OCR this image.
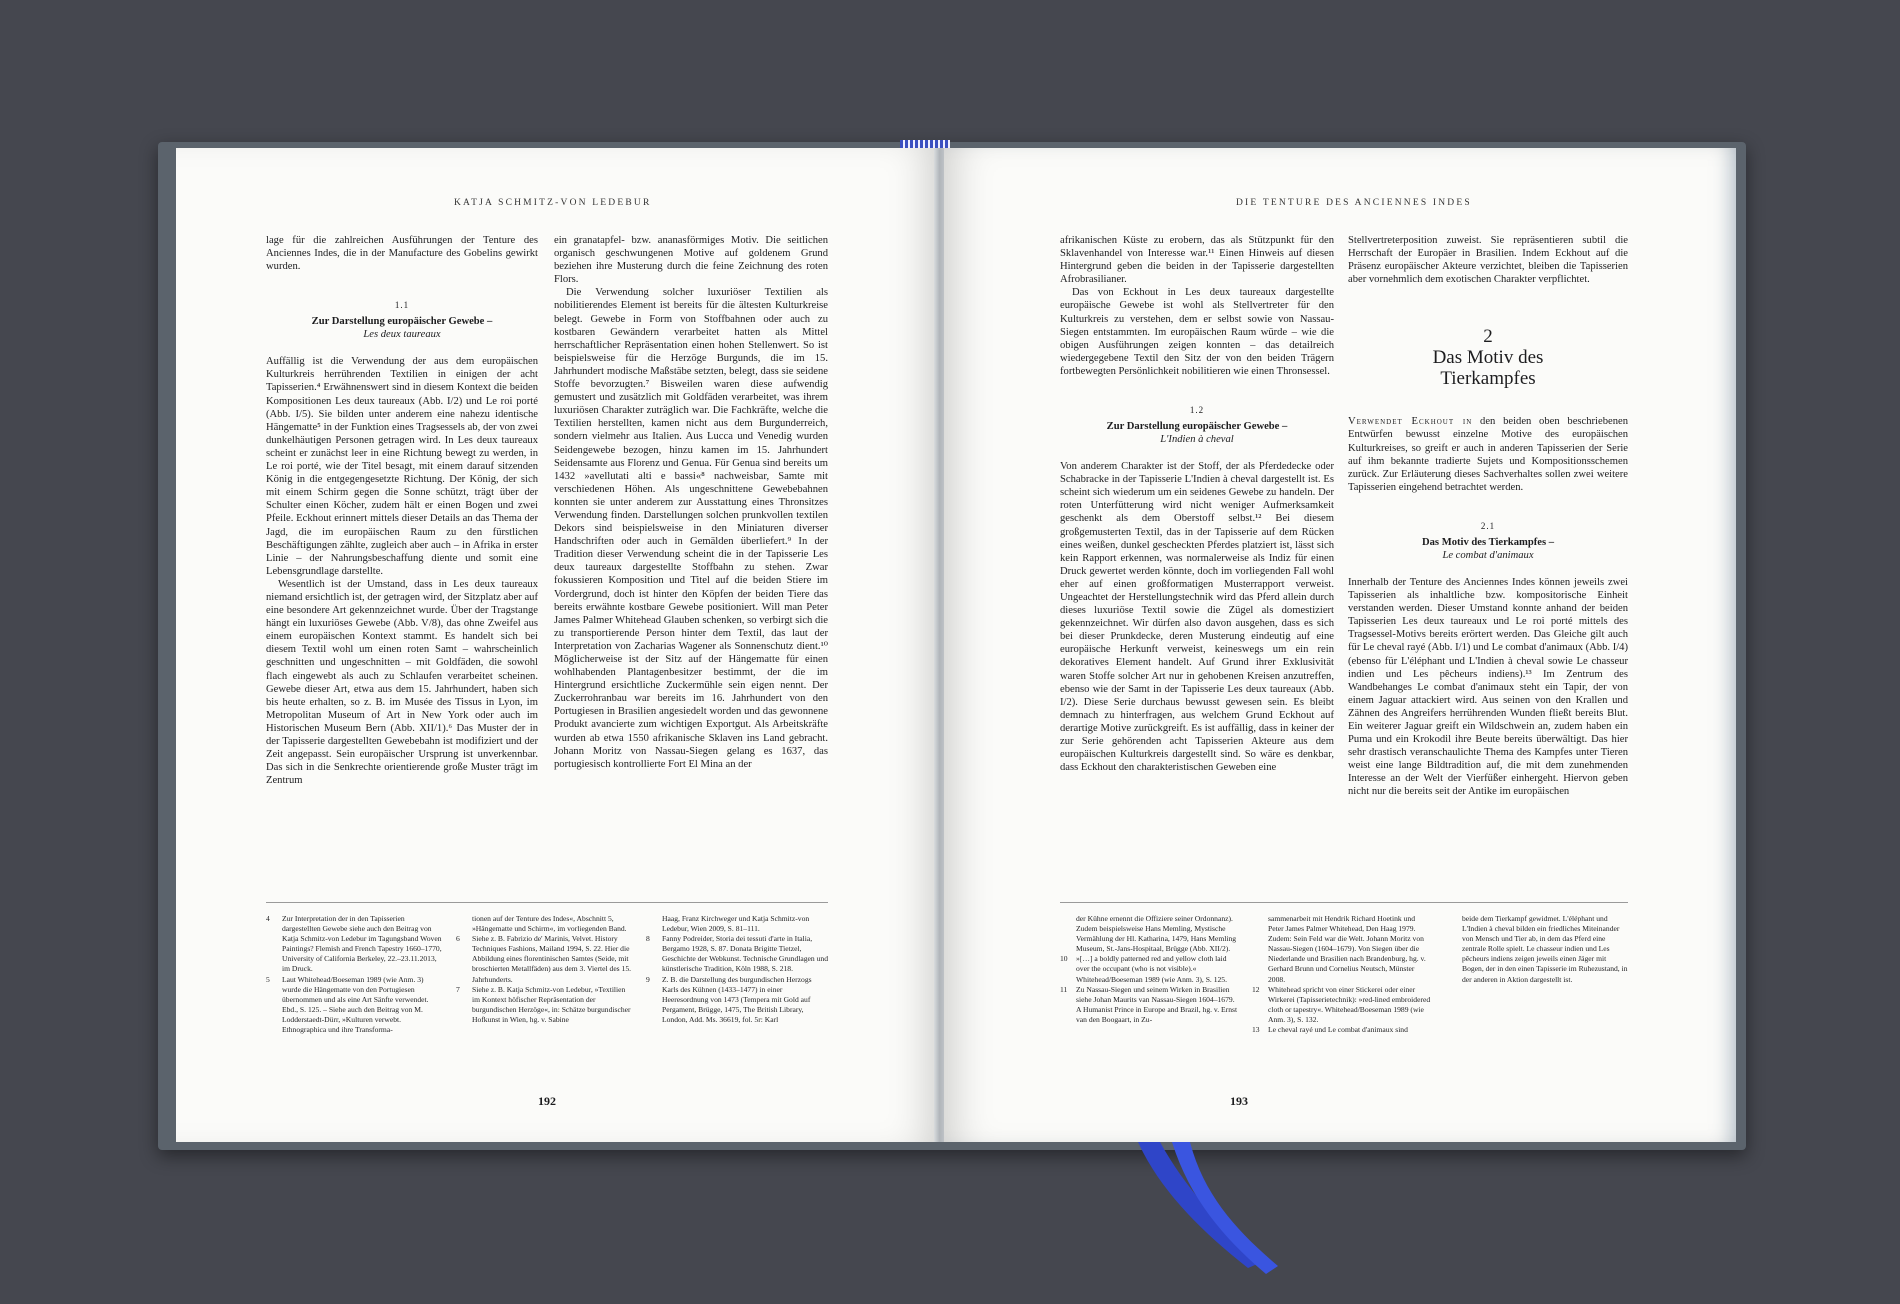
KATJA SCHMITZ-VON LEDEBUR

lage für die zahlreichen Ausführungen der Tenture des Anciennes Indes, die in der Manufacture des Gobelins gewirkt wurden.

1.1
Zur Darstellung europäischer Gewebe –
Les deux taureaux

Auffällig ist die Verwendung der aus dem europäischen Kulturkreis herrührenden Textilien in einigen der acht Tapisserien.⁴ Erwähnenswert sind in diesem Kontext die beiden Kompositionen Les deux taureaux (Abb. I/2) und Le roi porté (Abb. I/5). Sie bilden unter anderem eine nahezu identische Hängematte⁵ in der Funktion eines Tragsessels ab, der von zwei dunkelhäutigen Personen getragen wird. In Les deux taureaux scheint er zunächst leer in eine Richtung bewegt zu werden, in Le roi porté, wie der Titel besagt, mit einem darauf sitzenden König in die entgegengesetzte Richtung. Der König, der sich mit einem Schirm gegen die Sonne schützt, trägt über der Schulter einen Köcher, zudem hält er einen Bogen und zwei Pfeile. Eckhout erinnert mittels dieser Details an das Thema der Jagd, die im europäischen Raum zu den fürstlichen Beschäftigungen zählte, zugleich aber auch – in Afrika in erster Linie – der Nahrungsbeschaffung diente und somit eine Lebensgrundlage darstellte.

Wesentlich ist der Umstand, dass in Les deux taureaux niemand ersichtlich ist, der getragen wird, der Sitzplatz aber auf eine besondere Art gekennzeichnet wurde. Über der Tragstange hängt ein luxuriöses Gewebe (Abb. V/8), das ohne Zweifel aus einem europäischen Kontext stammt. Es handelt sich bei diesem Textil wohl um einen roten Samt – wahrscheinlich geschnitten und ungeschnitten – mit Goldfäden, die sowohl flach eingewebt als auch zu Schlaufen verarbeitet scheinen. Gewebe dieser Art, etwa aus dem 15. Jahrhundert, haben sich bis heute erhalten, so z. B. im Musée des Tissus in Lyon, im Metropolitan Museum of Art in New York oder auch im Historischen Museum Bern (Abb. XII/1).⁶ Das Muster der in der Tapisserie dargestellten Gewebebahn ist modifiziert und der Zeit angepasst. Sein europäischer Ursprung ist unverkennbar. Das sich in die Senkrechte orientierende große Muster trägt im Zentrum

ein granatapfel- bzw. ananasförmiges Motiv. Die seitlichen organisch geschwungenen Motive auf goldenem Grund beziehen ihre Musterung durch die feine Zeichnung des roten Flors.

Die Verwendung solcher luxuriöser Textilien als nobilitierendes Element ist bereits für die ältesten Kulturkreise belegt. Gewebe in Form von Stoffbahnen oder auch zu kostbaren Gewändern verarbeitet hatten als Mittel herrschaftlicher Repräsentation einen hohen Stellenwert. So ist beispielsweise für die Herzöge Burgunds, die im 15. Jahrhundert modische Maßstäbe setzten, belegt, dass sie seidene Stoffe bevorzugten.⁷ Bisweilen waren diese aufwendig gemustert und zusätzlich mit Goldfäden verarbeitet, was ihrem luxuriösen Charakter zuträglich war. Die Fachkräfte, welche die Textilien herstellten, kamen nicht aus dem Burgunderreich, sondern vielmehr aus Italien. Aus Lucca und Venedig wurden Seidengewebe bezogen, hinzu kamen im 15. Jahrhundert Seidensamte aus Florenz und Genua. Für Genua sind bereits um 1432 »avellutati alti e bassi«⁸ nachweisbar, Samte mit verschiedenen Höhen. Als ungeschnittene Gewebebahnen konnten sie unter anderem zur Ausstattung eines Thronsitzes Verwendung finden. Darstellungen solchen prunkvollen textilen Dekors sind beispielsweise in den Miniaturen diverser Handschriften oder auch in Gemälden überliefert.⁹ In der Tradition dieser Verwendung scheint die in der Tapisserie Les deux taureaux dargestellte Stoffbahn zu stehen. Zwar fokussieren Komposition und Titel auf die beiden Stiere im Vordergrund, doch ist hinter den Köpfen der beiden Tiere das bereits erwähnte kostbare Gewebe positioniert. Will man Peter James Palmer Whitehead Glauben schenken, so verbirgt sich die zu transportierende Person hinter dem Textil, das laut der Interpretation von Zacharias Wagener als Sonnenschutz dient.¹⁰ Möglicherweise ist der Sitz auf der Hängematte für einen wohlhabenden Plantagenbesitzer bestimmt, der die im Hintergrund ersichtliche Zuckermühle sein eigen nennt. Der Zuckerrohranbau war bereits im 16. Jahrhundert von den Portugiesen in Brasilien angesiedelt worden und das gewonnene Produkt avancierte zum wichtigen Exportgut. Als Arbeitskräfte wurden ab etwa 1550 afrikanische Sklaven ins Land gebracht. Johann Moritz von Nassau-Siegen gelang es 1637, das portugiesisch kontrollierte Fort El Mina an der

4	Zur Interpretation der in den Tapisserien dargestellten Gewebe siehe auch den Beitrag von Katja Schmitz-von Ledebur im Tagungsband Woven Paintings? Flemish and French Tapestry 1660–1770, University of California Berkeley, 22.–23.11.2013, im Druck.
5	Laut Whitehead/Boeseman 1989 (wie Anm. 3) wurde die Hängematte von den Portugiesen übernommen und als eine Art Sänfte verwendet. Ebd., S. 125. – Siehe auch den Beitrag von M. Lodderstaedt-Dürr, »Kulturen verwebt. Ethnographica und ihre Transforma-
tionen auf der Tenture des Indes«, Abschnitt 5, »Hängematte und Schirm«, im vorliegenden Band.
6	Siehe z. B. Fabrizio de' Marinis, Velvet. History Techniques Fashions, Mailand 1994, S. 22. Hier die Abbildung eines florentinischen Samtes (Seide, mit broschierten Metallfäden) aus dem 3. Viertel des 15. Jahrhunderts.
7	Siehe z. B. Katja Schmitz-von Ledebur, »Textilien im Kontext höfischer Repräsentation der burgundischen Herzöge«, in: Schätze burgundischer Hofkunst in Wien, hg. v. Sabine
Haag, Franz Kirchweger und Katja Schmitz-von Ledebur, Wien 2009, S. 81–111.
8	Fanny Podreider, Storia dei tessuti d'arte in Italia, Bergamo 1928, S. 87. Donata Brigitte Tietzel, Geschichte der Webkunst. Technische Grundlagen und künstlerische Tradition, Köln 1988, S. 218.
9	Z. B. die Darstellung des burgundischen Herzogs Karls des Kühnen (1433–1477) in einer Heeresordnung von 1473 (Tempera mit Gold auf Pergament, Brügge, 1475, The British Library, London, Add. Ms. 36619, fol. 5r: Karl
192
DIE TENTURE DES ANCIENNES INDES

afrikanischen Küste zu erobern, das als Stützpunkt für den Sklavenhandel von Interesse war.¹¹ Einen Hinweis auf diesen Hintergrund geben die beiden in der Tapisserie dargestellten Afrobrasilianer.

Das von Eckhout in Les deux taureaux dargestellte europäische Gewebe ist wohl als Stellvertreter für den Kulturkreis zu verstehen, dem er selbst sowie von Nassau-Siegen entstammten. Im europäischen Raum würde – wie die obigen Ausführungen zeigen konnten – das detailreich wiedergegebene Textil den Sitz der von den beiden Trägern fortbewegten Persönlichkeit nobilitieren wie einen Thronsessel.

1.2
Zur Darstellung europäischer Gewebe –
L'Indien à cheval

Von anderem Charakter ist der Stoff, der als Pferdedecke oder Schabracke in der Tapisserie L'Indien à cheval dargestellt ist. Es scheint sich wiederum um ein seidenes Gewebe zu handeln. Der roten Unterfütterung wird nicht weniger Aufmerksamkeit geschenkt als dem Oberstoff selbst.¹² Bei diesem großgemusterten Textil, das in der Tapisserie auf dem Rücken eines weißen, dunkel gescheckten Pferdes platziert ist, lässt sich kein Rapport erkennen, was normalerweise als Indiz für einen Druck gewertet werden könnte, doch im vorliegenden Fall wohl eher auf einen großformatigen Musterrapport verweist. Ungeachtet der Herstellungstechnik wird das Pferd allein durch dieses luxuriöse Textil sowie die Zügel als domestiziert gekennzeichnet. Wir dürfen also davon ausgehen, dass es sich bei dieser Prunkdecke, deren Musterung eindeutig auf eine europäische Herkunft verweist, keineswegs um ein rein dekoratives Element handelt. Auf Grund ihrer Exklusivität waren Stoffe solcher Art nur in gehobenen Kreisen anzutreffen, ebenso wie der Samt in der Tapisserie Les deux taureaux (Abb. I/2). Diese Serie durchaus bewusst gewesen sein. Es bleibt demnach zu hinterfragen, aus welchem Grund Eckhout auf derartige Motive zurückgreift. Es ist auffällig, dass in keiner der zur Serie gehörenden acht Tapisserien Akteure aus dem europäischen Kulturkreis dargestellt sind. So wäre es denkbar, dass Eckhout den charakteristischen Geweben eine

Stellvertreterposition zuweist. Sie repräsentieren subtil die Herrschaft der Europäer in Brasilien. Indem Eckhout auf die Präsenz europäischer Akteure verzichtet, bleiben die Tapisserien aber vornehmlich dem exotischen Charakter verpflichtet.

2
Das Motiv des
Tierkampfes

Verwendet Eckhout in den beiden oben beschriebenen Entwürfen bewusst einzelne Motive des europäischen Kulturkreises, so greift er auch in anderen Tapisserien der Serie auf ihm bekannte tradierte Sujets und Kompositionsschemen zurück. Zur Erläuterung dieses Sachverhaltes sollen zwei weitere Tapisserien eingehend betrachtet werden.

2.1
Das Motiv des Tierkampfes –
Le combat d'animaux

Innerhalb der Tenture des Anciennes Indes können jeweils zwei Tapisserien als inhaltliche bzw. kompositorische Einheit verstanden werden. Dieser Umstand konnte anhand der beiden Tapisserien Les deux taureaux und Le roi porté mittels des Tragsessel-Motivs bereits erörtert werden. Das Gleiche gilt auch für Le cheval rayé (Abb. I/1) und Le combat d'animaux (Abb. I/4) (ebenso für L'éléphant und L'Indien à cheval sowie Le chasseur indien und Les pêcheurs indiens).¹³ Im Zentrum des Wandbehanges Le combat d'animaux steht ein Tapir, der von einem Jaguar attackiert wird. Aus seinen von den Krallen und Zähnen des Angreifers herrührenden Wunden fließt bereits Blut. Ein weiterer Jaguar greift ein Wildschwein an, zudem haben ein Puma und ein Krokodil ihre Beute bereits überwältigt. Das hier sehr drastisch veranschaulichte Thema des Kampfes unter Tieren weist eine lange Bildtradition auf, die mit dem zunehmenden Interesse an der Welt der Vierfüßer einhergeht. Hiervon geben nicht nur die bereits seit der Antike im europäischen

der Kühne ernennt die Offiziere seiner Ordonnanz). Zudem beispielsweise Hans Memling, Mystische Vermählung der Hl. Katharina, 1479, Hans Memling Museum, St.-Jans-Hospitaal, Brügge (Abb. XII/2).
10	»[…] a boldly patterned red and yellow cloth laid over the occupant (who is not visible).« Whitehead/Boeseman 1989 (wie Anm. 3), S. 125.
11	Zu Nassau-Siegen und seinem Wirken in Brasilien siehe Johan Maurits van Nassau-Siegen 1604–1679. A Humanist Prince in Europe and Brazil, hg. v. Ernst van den Boogaart, in Zu-
sammenarbeit mit Hendrik Richard Hoetink und Peter James Palmer Whitehead, Den Haag 1979. Zudem: Sein Feld war die Welt. Johann Moritz von Nassau-Siegen (1604–1679). Von Siegen über die Niederlande und Brasilien nach Brandenburg, hg. v. Gerhard Brunn und Cornelius Neutsch, Münster 2008.
12	Whitehead spricht von einer Stickerei oder einer Wirkerei (Tapisserietechnik): »red-lined embroidered cloth or tapestry«. Whitehead/Boeseman 1989 (wie Anm. 3), S. 132.
13	Le cheval rayé und Le combat d'animaux sind
beide dem Tierkampf gewidmet. L'éléphant und L'Indien à cheval bilden ein friedliches Miteinander von Mensch und Tier ab, in dem das Pferd eine zentrale Rolle spielt. Le chasseur indien und Les pêcheurs indiens zeigen jeweils einen Jäger mit Bogen, der in den einen Tapisserie im Ruhezustand, in der anderen in Aktion dargestellt ist.
193
